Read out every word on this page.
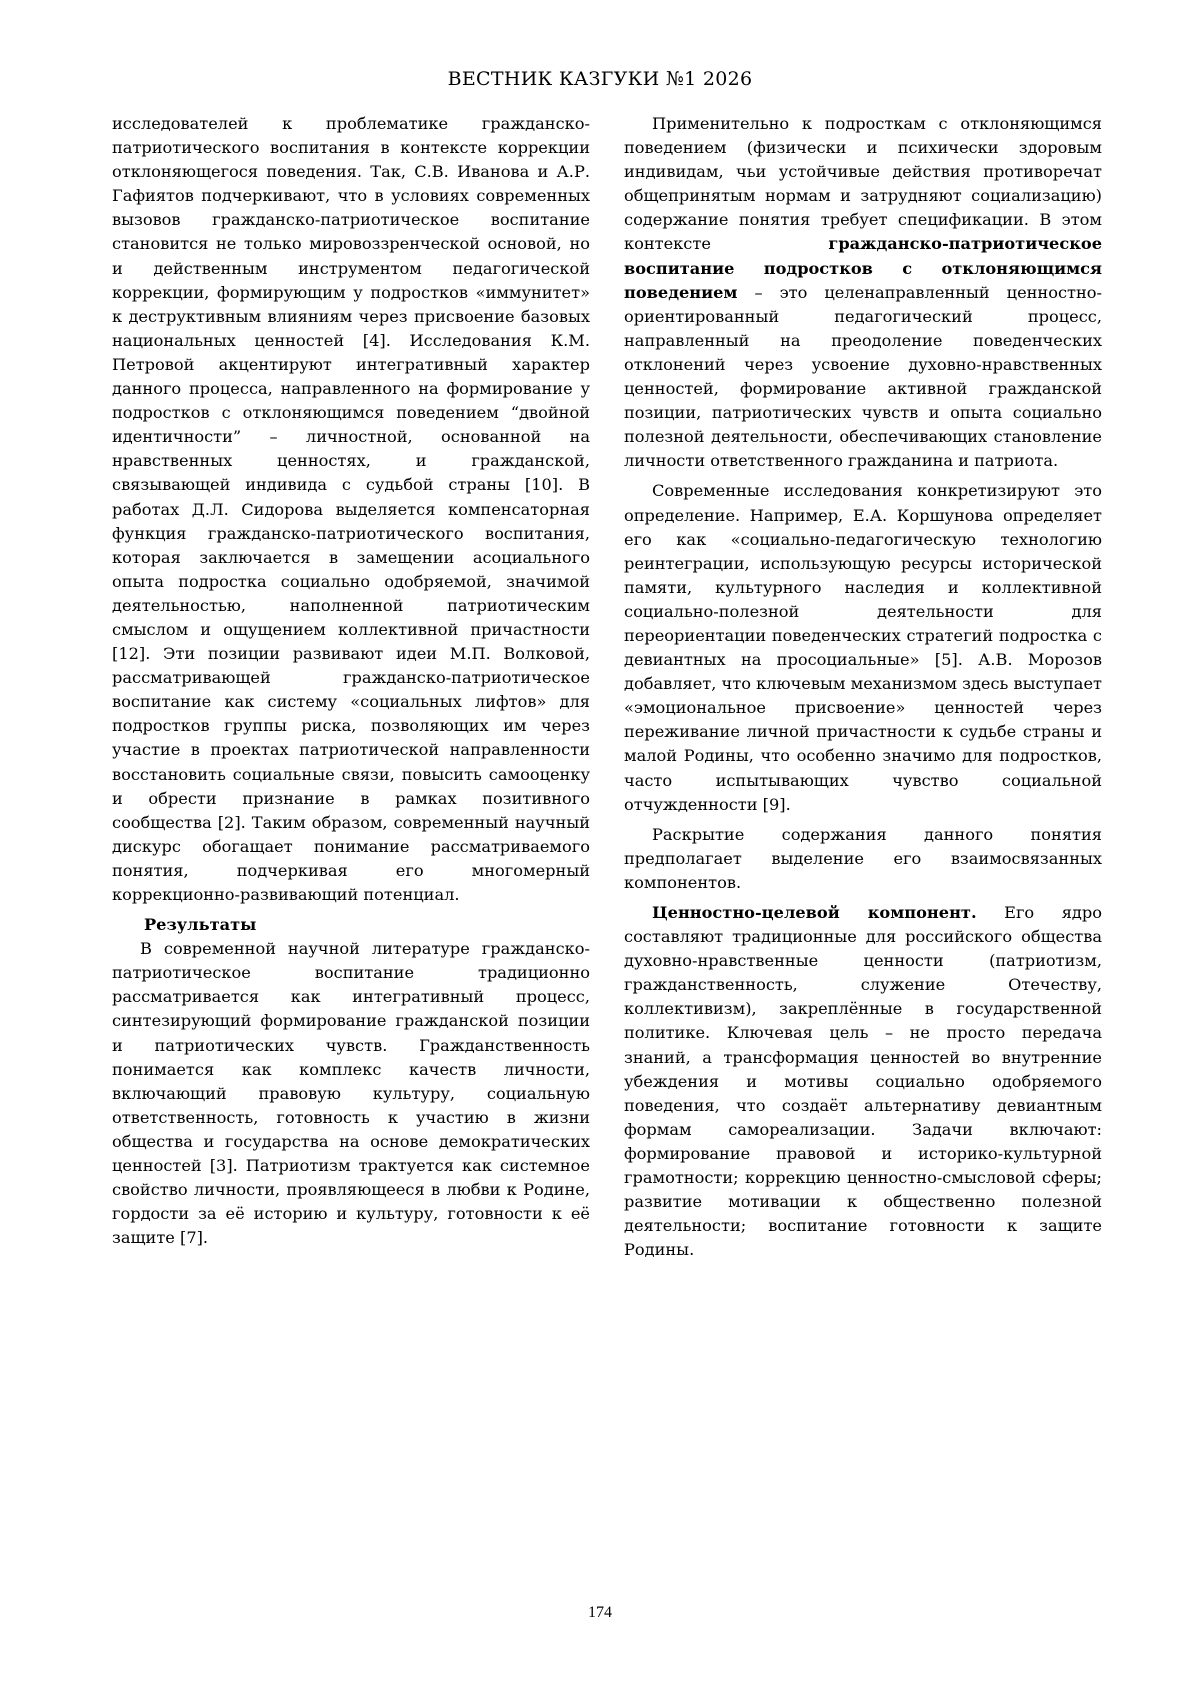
ВЕСТНИК КАЗГУКИ №1 2026

исследователей к проблематике гражданско-патриотического воспитания в контексте коррекции отклоняющегося поведения. Так, С.В. Иванова и А.Р. Гафиятов подчеркивают, что в условиях современных вызовов гражданско-патриотическое воспитание становится не только мировоззренческой основой, но и действенным инструментом педагогической коррекции, формирующим у подростков «иммунитет» к деструктивным влияниям через присвоение базовых национальных ценностей [4]. Исследования К.М. Петровой акцентируют интегративный характер данного процесса, направленного на формирование у подростков с отклоняющимся поведением “двойной идентичности” – личностной, основанной на нравственных ценностях, и гражданской, связывающей индивида с судьбой страны [10]. В работах Д.Л. Сидорова выделяется компенсаторная функция гражданско-патриотического воспитания, которая заключается в замещении асоциального опыта подростка социально одобряемой, значимой деятельностью, наполненной патриотическим смыслом и ощущением коллективной причастности [12]. Эти позиции развивают идеи М.П. Волковой, рассматривающей гражданско-патриотическое воспитание как систему «социальных лифтов» для подростков группы риска, позволяющих им через участие в проектах патриотической направленности восстановить социальные связи, повысить самооценку и обрести признание в рамках позитивного сообщества [2]. Таким образом, современный научный дискурс обогащает понимание рассматриваемого понятия, подчеркивая его многомерный коррекционно-развивающий потенциал.

Результаты

В современной научной литературе гражданско-патриотическое воспитание традиционно рассматривается как интегративный процесс, синтезирующий формирование гражданской позиции и патриотических чувств. Гражданственность понимается как комплекс качеств личности, включающий правовую культуру, социальную ответственность, готовность к участию в жизни общества и государства на основе демократических ценностей [3]. Патриотизм трактуется как системное свойство личности, проявляющееся в любви к Родине, гордости за её историю и культуру, готовности к её защите [7].

Применительно к подросткам с отклоняющимся поведением (физически и психически здоровым индивидам, чьи устойчивые действия противоречат общепринятым нормам и затрудняют социализацию) содержание понятия требует спецификации. В этом контексте гражданско-патриотическое воспитание подростков с отклоняющимся поведением – это целенаправленный ценностно-ориентированный педагогический процесс, направленный на преодоление поведенческих отклонений через усвоение духовно-нравственных ценностей, формирование активной гражданской позиции, патриотических чувств и опыта социально полезной деятельности, обеспечивающих становление личности ответственного гражданина и патриота.

Современные исследования конкретизируют это определение. Например, Е.А. Коршунова определяет его как «социально-педагогическую технологию реинтеграции, использующую ресурсы исторической памяти, культурного наследия и коллективной социально-полезной деятельности для переориентации поведенческих стратегий подростка с девиантных на просоциальные» [5]. А.В. Морозов добавляет, что ключевым механизмом здесь выступает «эмоциональное присвоение» ценностей через переживание личной причастности к судьбе страны и малой Родины, что особенно значимо для подростков, часто испытывающих чувство социальной отчужденности [9].

Раскрытие содержания данного понятия предполагает выделение его взаимосвязанных компонентов.

Ценностно-целевой компонент. Его ядро составляют традиционные для российского общества духовно-нравственные ценности (патриотизм, гражданственность, служение Отечеству, коллективизм), закреплённые в государственной политике. Ключевая цель – не просто передача знаний, а трансформация ценностей во внутренние убеждения и мотивы социально одобряемого поведения, что создаёт альтернативу девиантным формам самореализации. Задачи включают: формирование правовой и историко-культурной грамотности; коррекцию ценностно-смысловой сферы; развитие мотивации к общественно полезной деятельности; воспитание готовности к защите Родины.

174
